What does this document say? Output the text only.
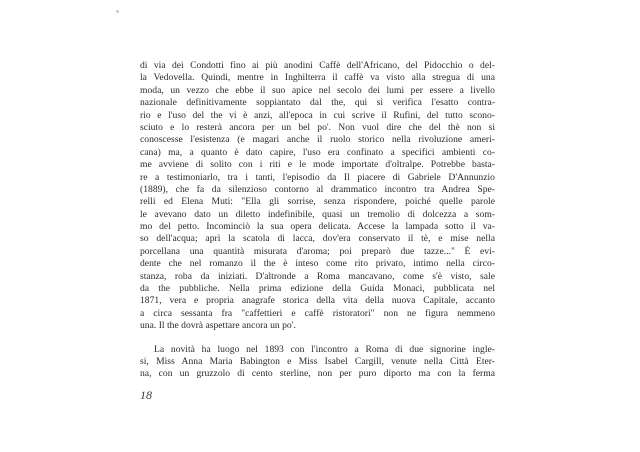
di via dei Condotti fino ai più anodini Caffè dell'Africano, del Pidocchio o del-
la Vedovella. Quindi, mentre in Inghilterra il caffè va visto alla stregua di una
moda, un vezzo che ebbe il suo apice nel secolo dei lumi per essere a livello
nazionale definitivamente soppiantato dal the, qui si verifica l'esatto contra-
rio e l'uso del the vi è anzi, all'epoca in cui scrive il Rufini, del tutto scono-
sciuto e lo resterà ancora per un bel po'. Non vuol dire che del thè non si
conoscesse l'esistenza (e magari anche il ruolo storico nella rivoluzione ameri-
cana) ma, a quanto è dato capire, l'uso era confinato a specifici ambienti co-
me avviene di solito con i riti e le mode importate d'oltralpe. Potrebbe basta-
re a testimoniarlo, tra i tanti, l'episodio da Il piacere di Gabriele D'Annunzio
(1889), che fa da silenzioso contorno al drammatico incontro tra Andrea Spe-
relli ed Elena Muti: "Ella gli sorrise, senza rispondere, poiché quelle parole
le avevano dato un diletto indefinibile, quasi un tremolio di dolcezza a som-
mo del petto. Incominciò la sua opera delicata. Accese la lampada sotto il va-
so dell'acqua; aprì la scatola di lacca, dov'era conservato il tè, e mise nella
porcellana una quantità misurata d'aroma; poi preparò due tazze..." È evi-
dente che nel romanzo il the è inteso come rito privato, intimo nella circo-
stanza, roba da iniziati. D'altronde a Roma mancavano, come s'è visto, sale
da the pubbliche. Nella prima edizione della Guida Monaci, pubblicata nel
1871, vera e propria anagrafe storica della vita della nuova Capitale, accanto
a circa sessanta fra "caffettieri e caffè ristoratori" non ne figura nemmeno
una. Il the dovrà aspettare ancora un po'.
La novità ha luogo nel 1893 con l'incontro a Roma di due signorine ingle-
si, Miss Anna Maria Babington e Miss Isabel Cargill, venute nella Città Eter-
na, con un gruzzolo di cento sterline, non per puro diporto ma con la ferma
18
